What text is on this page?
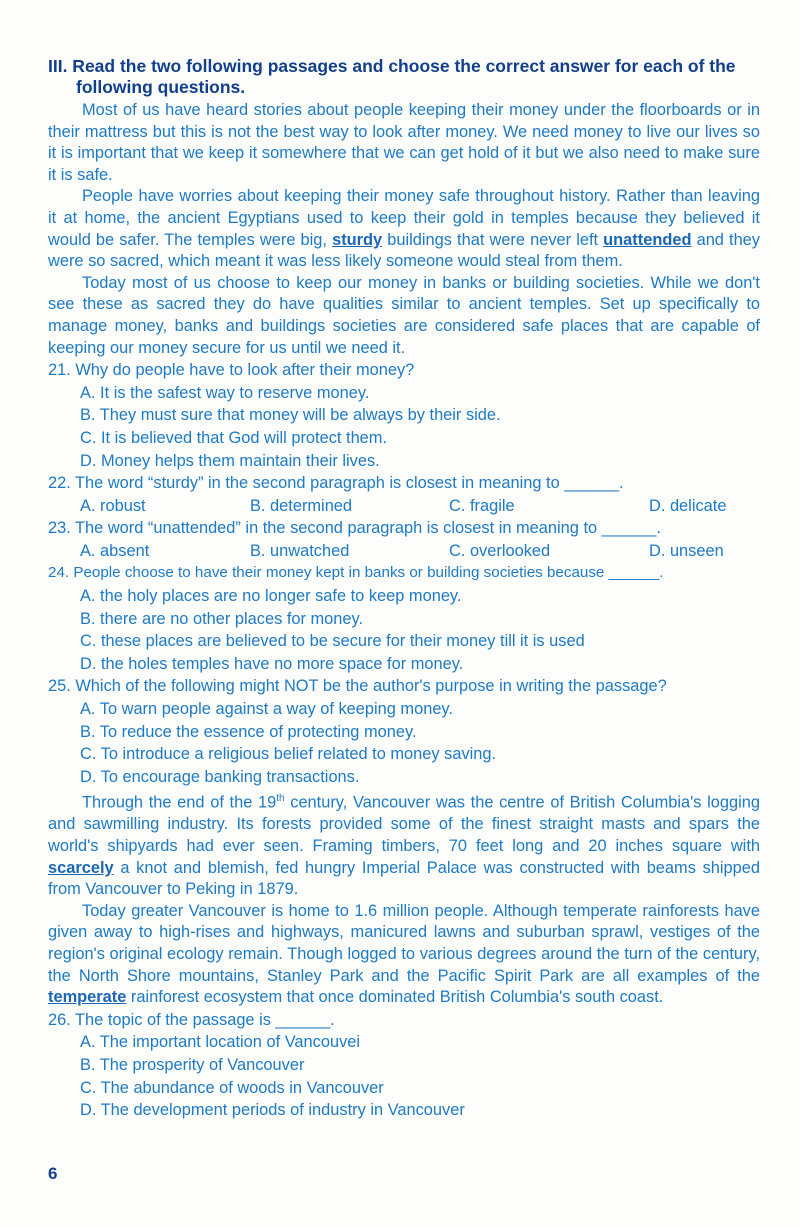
III. Read the two following passages and choose the correct answer for each of the following questions.

Most of us have heard stories about people keeping their money under the floorboards or in their mattress but this is not the best way to look after money. We need money to live our lives so it is important that we keep it somewhere that we can get hold of it but we also need to make sure it is safe.

People have worries about keeping their money safe throughout history. Rather than leaving it at home, the ancient Egyptians used to keep their gold in temples because they believed it would be safer. The temples were big, sturdy buildings that were never left unattended and they were so sacred, which meant it was less likely someone would steal from them.

Today most of us choose to keep our money in banks or building societies. While we don't see these as sacred they do have qualities similar to ancient temples. Set up specifically to manage money, banks and buildings societies are considered safe places that are capable of keeping our money secure for us until we need it.

21. Why do people have to look after their money?

A. It is the safest way to reserve money.

B. They must sure that money will be always by their side.

C. It is believed that God will protect them.

D. Money helps them maintain their lives.

22. The word “sturdy” in the second paragraph is closest in meaning to ______.

A. robust	B. determined	C. fragile	D. delicate

23. The word “unattended” in the second paragraph is closest in meaning to ______.

A. absent	B. unwatched	C. overlooked	D. unseen

24. People choose to have their money kept in banks or building societies because ______.

A. the holy places are no longer safe to keep money.

B. there are no other places for money.

C. these places are believed to be secure for their money till it is used

D. the holes temples have no more space for money.

25. Which of the following might NOT be the author's purpose in writing the passage?

A. To warn people against a way of keeping money.

B. To reduce the essence of protecting money.

C. To introduce a religious belief related to money saving.

D. To encourage banking transactions.

Through the end of the 19th century, Vancouver was the centre of British Columbia's logging and sawmilling industry. Its forests provided some of the finest straight masts and spars the world's shipyards had ever seen. Framing timbers, 70 feet long and 20 inches square with scarcely a knot and blemish, fed hungry Imperial Palace was constructed with beams shipped from Vancouver to Peking in 1879.

Today greater Vancouver is home to 1.6 million people. Although temperate rainforests have given away to high-rises and highways, manicured lawns and suburban sprawl, vestiges of the region's original ecology remain. Though logged to various degrees around the turn of the century, the North Shore mountains, Stanley Park and the Pacific Spirit Park are all examples of the temperate rainforest ecosystem that once dominated British Columbia's south coast.

26. The topic of the passage is ______.

A. The important location of Vancouvei

B. The prosperity of Vancouver

C. The abundance of woods in Vancouver

D. The development periods of industry in Vancouver

6
